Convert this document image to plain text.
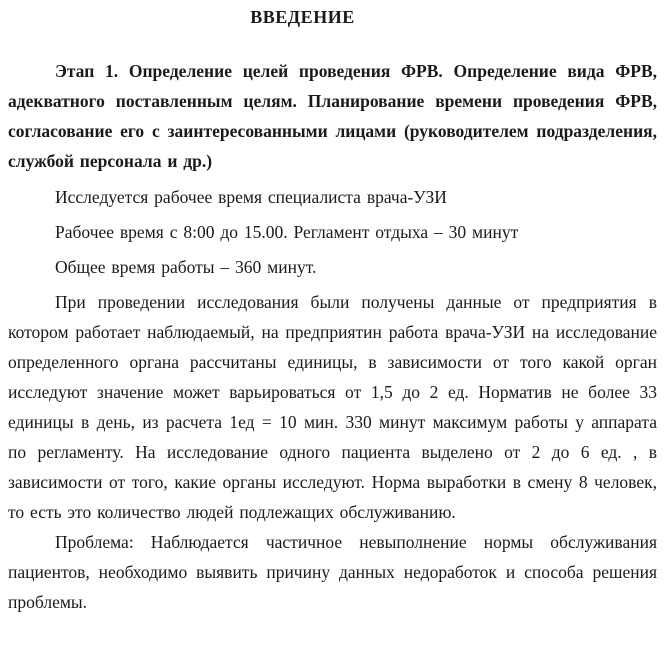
ВВЕДЕНИЕ

Этап 1. Определение целей проведения ФРВ. Определение вида ФРВ, адекватного поставленным целям. Планирование времени проведения ФРВ, согласование его с заинтересованными лицами (руководителем подразделения, службой персонала и др.)

Исследуется рабочее время специалиста врача-УЗИ

Рабочее время с 8:00 до 15.00. Регламент отдыха – 30 минут

Общее время работы – 360 минут.

При проведении исследования были получены данные от предприятия в котором работает наблюдаемый, на предприятин работа врача-УЗИ на исследование определенного органа рассчитаны единицы, в зависимости от того какой орган исследуют значение может варьироваться от 1,5 до 2 ед. Норматив не более 33 единицы в день, из расчета 1ед = 10 мин. 330 минут максимум работы у аппарата по регламенту. На исследование одного пациента выделено от 2 до 6 ед. , в зависимости от того, какие органы исследуют. Норма выработки в смену 8 человек, то есть это количество людей подлежащих обслуживанию.

Проблема: Наблюдается частичное невыполнение нормы обслуживания пациентов, необходимо выявить причину данных недоработок и способа решения проблемы.
